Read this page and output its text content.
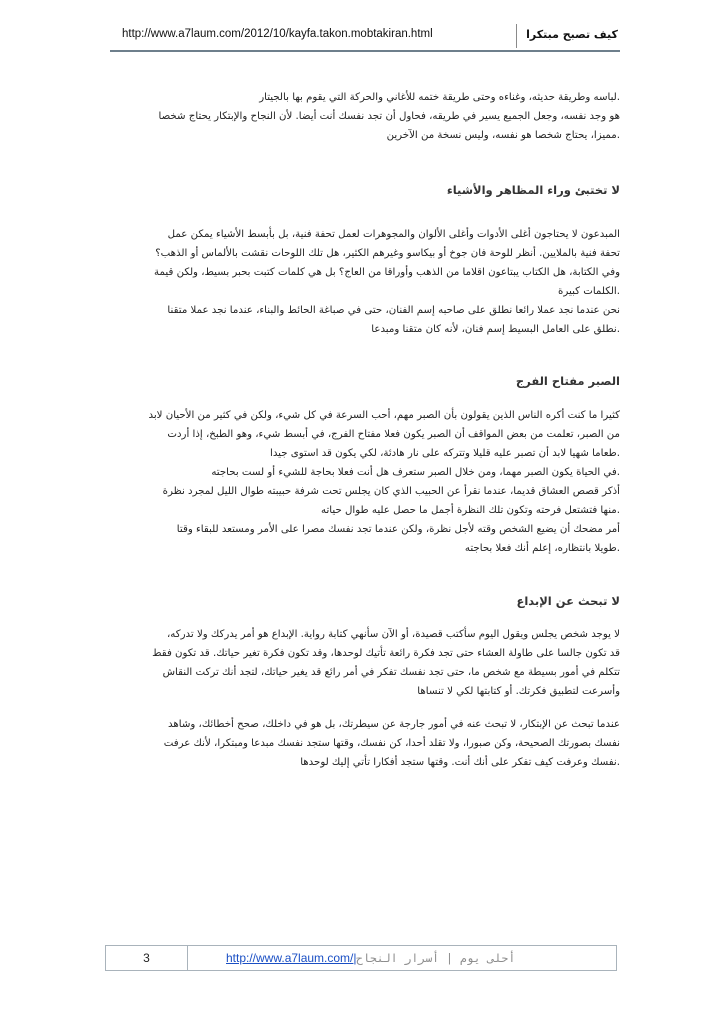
http://www.a7laum.com/2012/10/kayfa.takon.mobtakiran.html	كيف تصبح مبتكرا
.لباسه وطريقة حديثه، وغناءه وحتى طريقة ختمه للأغاني والحركة التي يقوم بها بالجيتار
هو وجد نفسه، وجعل الجميع يسير في طريقه، فحاول أن تجد نفسك أنت أيضا. لأن النجاح والإبتكار يحتاج شخصا
.مميزا، يحتاج شخصا هو نفسه، وليس نسخة من الآخرين
لا تختبئ وراء المظاهر والأشياء
المبدعون لا يحتاجون أغلى الأدوات وأغلى الألوان والمجوهرات لعمل تحفة فنية، بل بأبسط الأشياء يمكن عمل
تحفة فنية بالملايين. أنظر للوحة فان جوخ أو بيكاسو وغيرهم الكثير، هل تلك اللوحات نقشت بالألماس أو الذهب؟
وفي الكتابة، هل الكتاب يبتاعون اقلاما من الذهب وأوراقا من العاج؟ بل هي كلمات كتبت بحبر بسيط، ولكن قيمة
.الكلمات كبيرة
نحن عندما نجد عملا رائعا نطلق على صاحبه إسم الفنان، حتى في صباغة الحائط والبناء، عندما نجد عملا متقنا
.نطلق على العامل البسيط إسم فنان، لأنه كان متقنا ومبدعا
الصبر مفتاح الفرج
كثيرا ما كنت أكره الناس الذين يقولون بأن الصبر مهم، أحب السرعة في كل شيء، ولكن في كثير من الأحيان لابد
من الصبر، تعلمت من بعض المواقف أن الصبر يكون فعلا مفتاح الفرج، في أبسط شيء، وهو الطبخ، إذا أردت
.طعاما شهيا لابد أن تصبر عليه قليلا وتتركه على نار هادئة، لكي يكون قد استوى جيدا
.في الحياة يكون الصبر مهما، ومن خلال الصبر ستعرف هل أنت فعلا بحاجة للشيء أو لست بحاجته
أذكر قصص العشاق قديما، عندما نقرأ عن الحبيب الذي كان يجلس تحت شرفة حبيبته طوال الليل لمجرد نظرة
.منها فتشتعل فرحته وتكون تلك النظرة أجمل ما حصل عليه طوال حياته
أمر مضحك أن يضيع الشخص وقته لأجل نظرة، ولكن عندما تجد نفسك مصرا على الأمر ومستعد للبقاء وقتا
.طويلا بانتظاره، إعلم أنك فعلا بحاجته
لا تبحث عن الإبداع
لا يوجد شخص يجلس ويقول اليوم سأكتب قصيدة، أو الآن سأنهي كتابة رواية. الإبداع هو أمر يدركك ولا تدركه،
قد تكون جالسا على طاولة العشاء حتى تجد فكرة رائعة تأتيك لوحدها، وقد تكون فكرة تغير حياتك. قد تكون فقط
تتكلم في أمور بسيطة مع شخص ما، حتى تجد نفسك تفكر في أمر رائع قد يغير حياتك، لتجد أنك تركت النقاش
وأسرعت لتطبيق فكرتك. أو كتابتها لكي لا تنساها
عندما تبحث عن الإبتكار، لا تبحث عنه في أمور جارجة عن سيطرتك، بل هو في داخلك، صحح أخطائك، وشاهد
نفسك بصورتك الصحيحة، وكن صبورا، ولا تقلد أحدا، كن نفسك، وقتها ستجد نفسك مبدعا ومبتكرا، لأنك عرفت
.نفسك وعرفت كيف تفكر على أنك أنت. وقتها ستجد أفكارا تأتي إليك لوحدها
3	http://www.a7laum.com/| أحلى يوم | أسرار النجاح
